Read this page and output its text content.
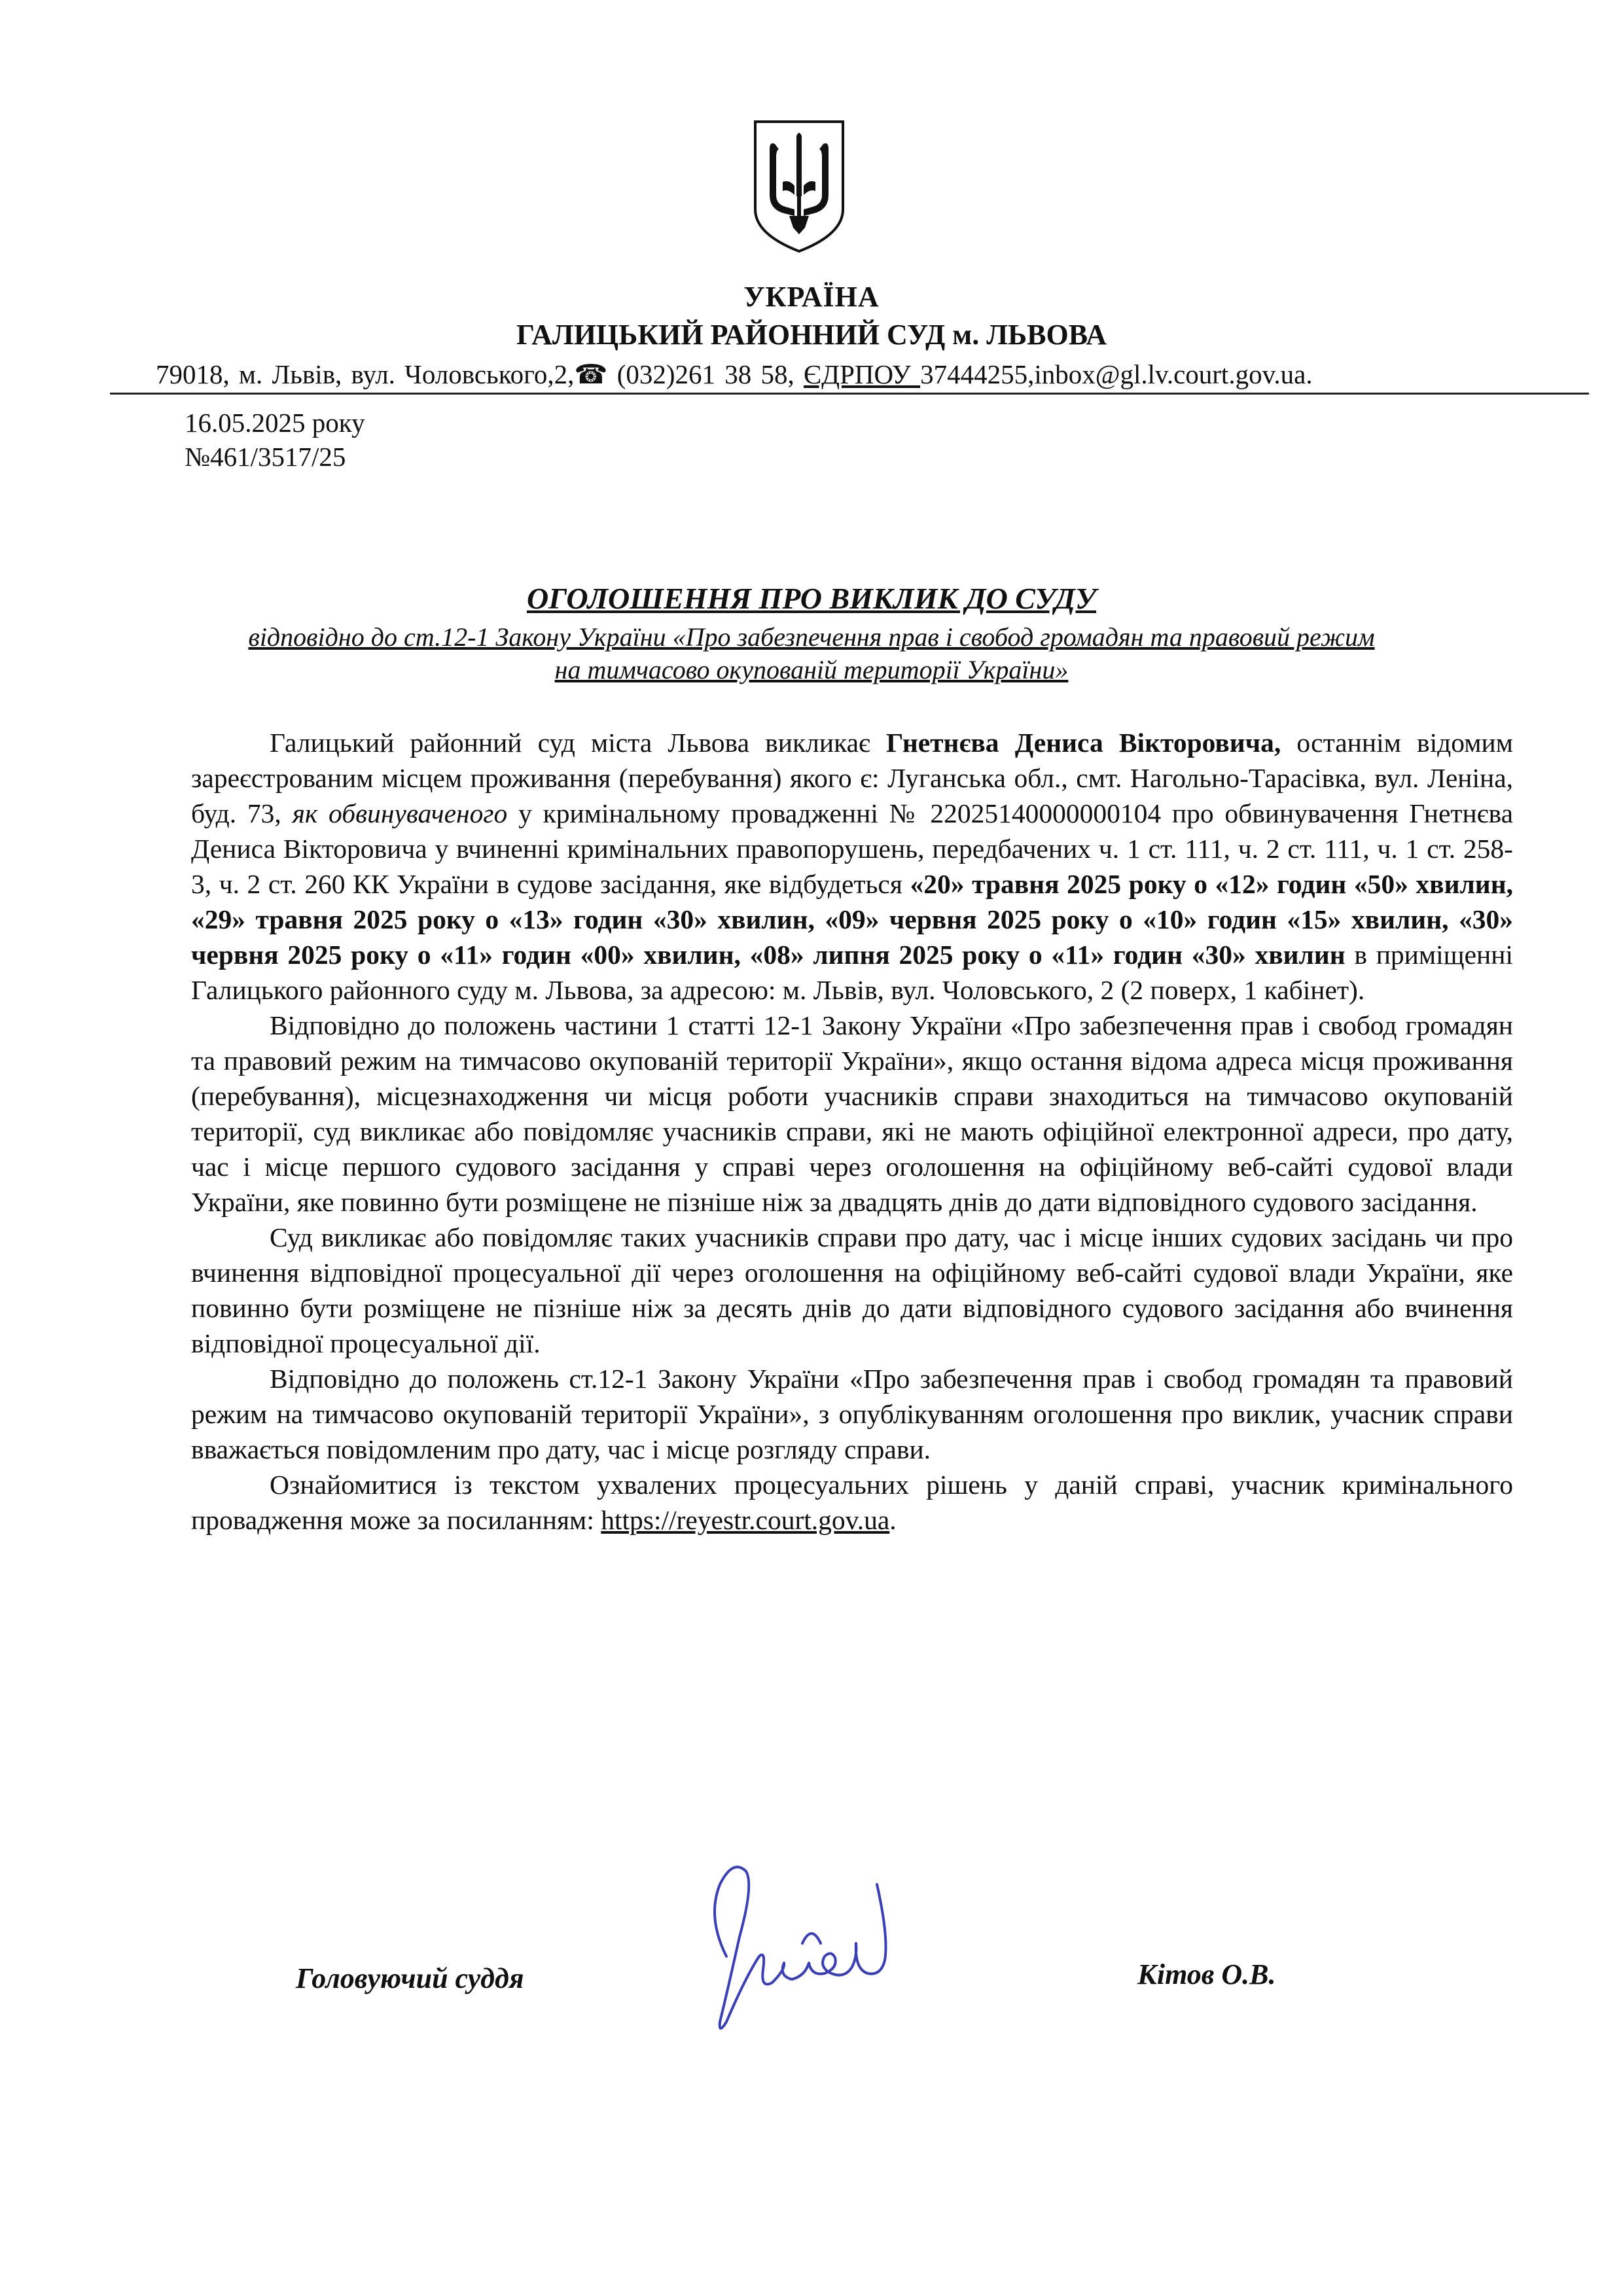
УКРАЇНА
ГАЛИЦЬКИЙ РАЙОННИЙ СУД м. ЛЬВОВА
79018, м. Львів, вул. Чоловського,2,☎ (032)261 38 58, ЄДРПОУ 37444255,inbox@gl.lv.court.gov.ua.
16.05.2025 року
№461/3517/25
ОГОЛОШЕННЯ ПРО ВИКЛИК ДО СУДУ
відповідно до ст.12-1 Закону України «Про забезпечення прав і свобод громадян та правовий режим
на тимчасово окупованій території України»

Галицький районний суд міста Львова викликає Гнетнєва Дениса Вікторовича, останнім відомим зареєстрованим місцем проживання (перебування) якого є: Луганська обл., смт. Нагольно-Тарасівка, вул. Леніна, буд. 73, як обвинуваченого у кримінальному провадженні № 22025140000000104 про обвинувачення Гнетнєва Дениса Вікторовича у вчиненні кримінальних правопорушень, передбачених ч. 1 ст. 111, ч. 2 ст. 111, ч. 1 ст. 258-3, ч. 2 ст. 260 КК України в судове засідання, яке відбудеться «20» травня 2025 року о «12» годин «50» хвилин, «29» травня 2025 року о «13» годин «30» хвилин, «09» червня 2025 року о «10» годин «15» хвилин, «30» червня 2025 року о «11» годин «00» хвилин, «08» липня 2025 року о «11» годин «30» хвилин в приміщенні Галицького районного суду м. Львова, за адресою: м. Львів, вул. Чоловського, 2 (2 поверх, 1 кабінет).

Відповідно до положень частини 1 статті 12-1 Закону України «Про забезпечення прав і свобод громадян та правовий режим на тимчасово окупованій території України», якщо остання відома адреса місця проживання (перебування), місцезнаходження чи місця роботи учасників справи знаходиться на тимчасово окупованій території, суд викликає або повідомляє учасників справи, які не мають офіційної електронної адреси, про дату, час і місце першого судового засідання у справі через оголошення на офіційному веб-сайті судової влади України, яке повинно бути розміщене не пізніше ніж за двадцять днів до дати відповідного судового засідання.

Суд викликає або повідомляє таких учасників справи про дату, час і місце інших судових засідань чи про вчинення відповідної процесуальної дії через оголошення на офіційному веб-сайті судової влади України, яке повинно бути розміщене не пізніше ніж за десять днів до дати відповідного судового засідання або вчинення відповідної процесуальної дії.

Відповідно до положень ст.12-1 Закону України «Про забезпечення прав і свобод громадян та правовий режим на тимчасово окупованій території України», з опублікуванням оголошення про виклик, учасник справи вважається повідомленим про дату, час і місце розгляду справи.

Ознайомитися із текстом ухвалених процесуальних рішень у даній справі, учасник кримінального провадження може за посиланням: https://reyestr.court.gov.ua.

Головуючий суддя	Кітов О.В.
